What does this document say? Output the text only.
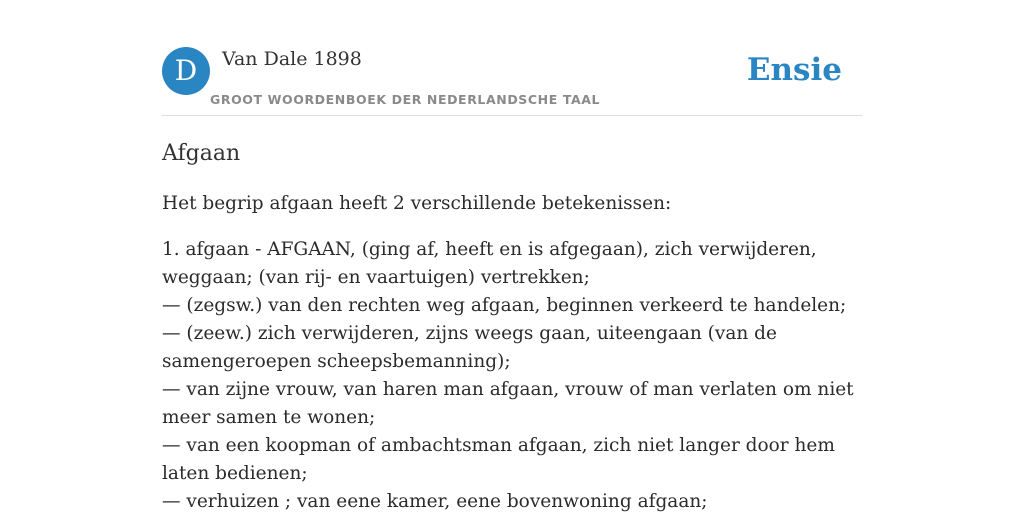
D	Van Dale 1898
GROOT WOORDENBOEK DER NEDERLANDSCHE TAAL
Ensie
Afgaan

Het begrip afgaan heeft 2 verschillende betekenissen:

1. afgaan - AFGAAN, (ging af, heeft en is afgegaan), zich verwijderen, weggaan; (van rij- en vaartuigen) vertrekken;
— (zegsw.) van den rechten weg afgaan, beginnen verkeerd te handelen;
— (zeew.) zich verwijderen, zijns weegs gaan, uiteengaan (van de samengeroepen scheepsbemanning);
— van zijne vrouw, van haren man afgaan, vrouw of man verlaten om niet meer samen te wonen;
— van een koopman of ambachtsman afgaan, zich niet langer door hem laten bedienen;
— verhuizen ; van eene kamer, eene bovenwoning afgaan;
